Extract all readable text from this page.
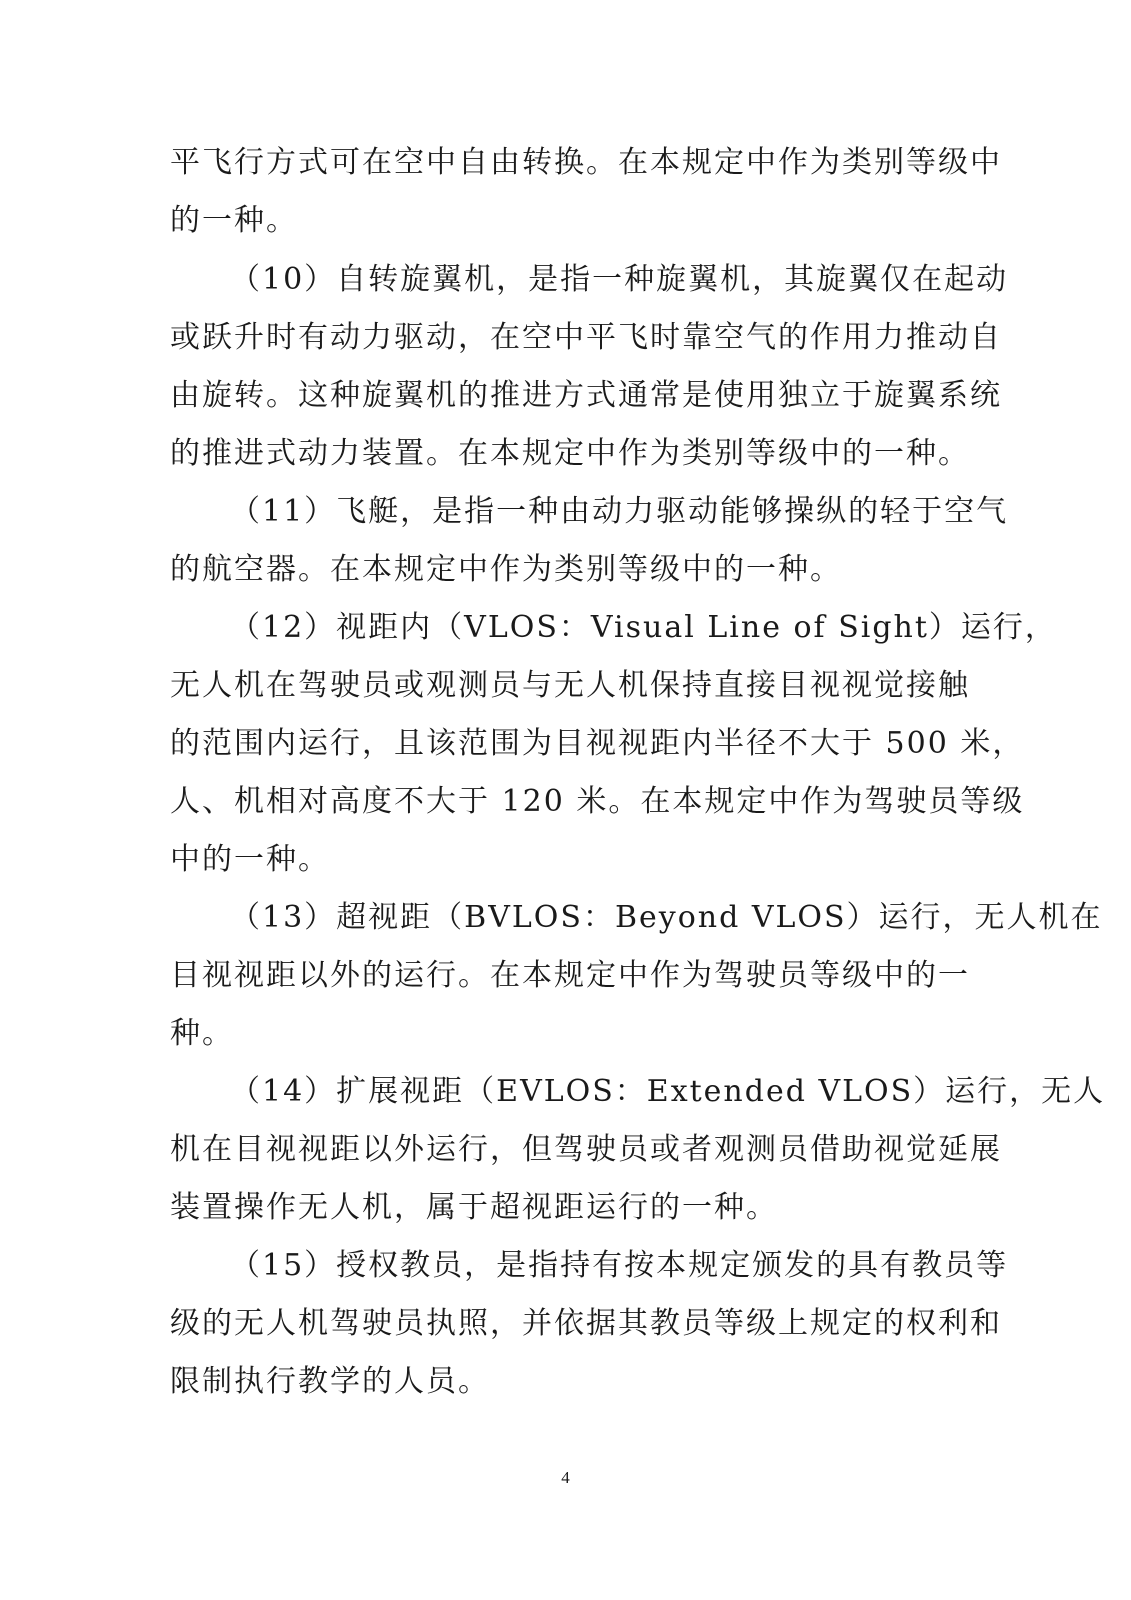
平飞行方式可在空中自由转换。在本规定中作为类别等级中
的一种。
（10）自转旋翼机，是指一种旋翼机，其旋翼仅在起动
或跃升时有动力驱动，在空中平飞时靠空气的作用力推动自
由旋转。这种旋翼机的推进方式通常是使用独立于旋翼系统
的推进式动力装置。在本规定中作为类别等级中的一种。
（11）飞艇，是指一种由动力驱动能够操纵的轻于空气
的航空器。在本规定中作为类别等级中的一种。
（12）视距内（VLOS：Visual Line of Sight）运行，
无人机在驾驶员或观测员与无人机保持直接目视视觉接触
的范围内运行，且该范围为目视视距内半径不大于 500 米，
人、机相对高度不大于 120 米。在本规定中作为驾驶员等级
中的一种。
（13）超视距（BVLOS：Beyond VLOS）运行，无人机在
目视视距以外的运行。在本规定中作为驾驶员等级中的一
种。
（14）扩展视距（EVLOS：Extended VLOS）运行，无人
机在目视视距以外运行，但驾驶员或者观测员借助视觉延展
装置操作无人机，属于超视距运行的一种。
（15）授权教员，是指持有按本规定颁发的具有教员等
级的无人机驾驶员执照，并依据其教员等级上规定的权利和
限制执行教学的人员。
4
